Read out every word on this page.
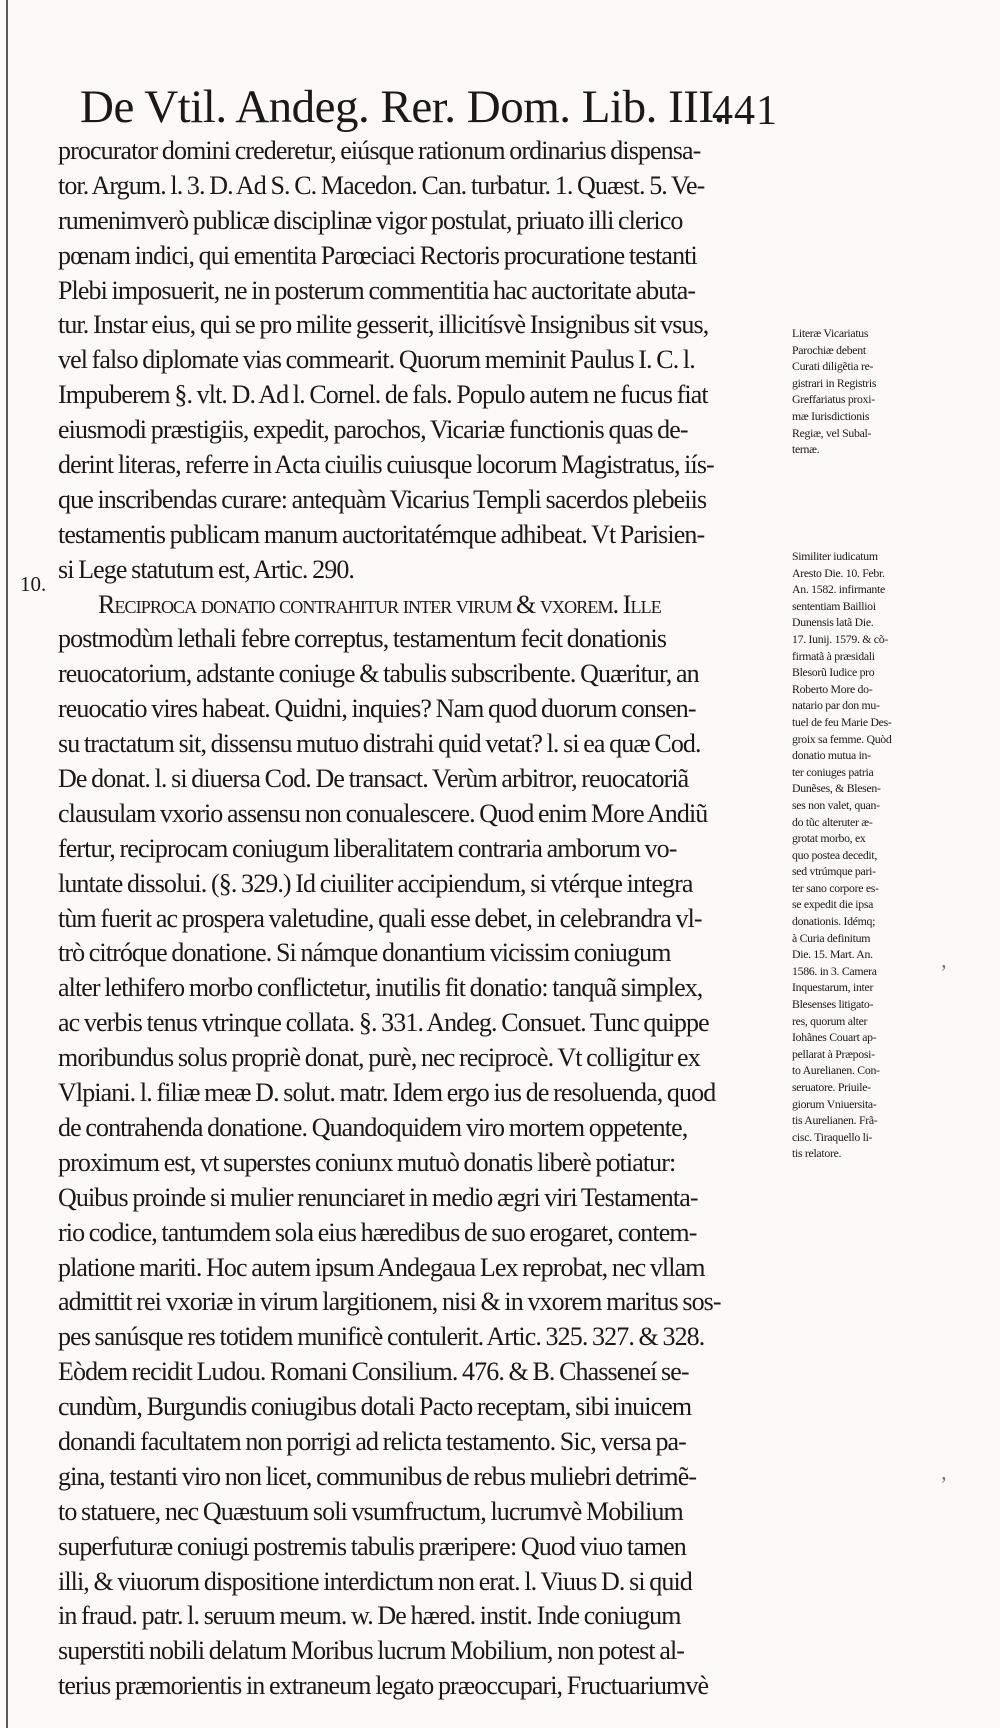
De Vtil. Andeg. Rer. Dom. Lib. III.
441
10.
procurator domini crederetur, eiúsque rationum ordinarius dispensa-
tor. Argum. l. 3. D. Ad S. C. Macedon. Can. turbatur. 1. Quæst. 5. Ve-
rumenimverò publicæ disciplinæ vigor postulat, priuato illi clerico
pœnam indici, qui ementita Parœciaci Rectoris procuratione testanti
Plebi imposuerit, ne in posterum commentitia hac auctoritate abuta-
tur. Instar eius, qui se pro milite gesserit, illicitísvè Insignibus sit vsus,
vel falso diplomate vias commearit. Quorum meminit Paulus I. C. l.
Impuberem §. vlt. D. Ad l. Cornel. de fals. Populo autem ne fucus fiat
eiusmodi præstigiis, expedit, parochos, Vicariæ functionis quas de-
derint literas, referre in Acta ciuilis cuiusque locorum Magistratus, iís-
que inscribendas curare: antequàm Vicarius Templi sacerdos plebeiis
testamentis publicam manum auctoritatémque adhibeat. Vt Parisien-
si Lege statutum est, Artic. 290.
Reciproca donatio contrahitur inter virum & vxorem. Ille
postmodùm lethali febre correptus, testamentum fecit donationis
reuocatorium, adstante coniuge & tabulis subscribente. Quæritur, an
reuocatio vires habeat. Quidni, inquies? Nam quod duorum consen-
su tractatum sit, dissensu mutuo distrahi quid vetat? l. si ea quæ Cod.
De donat. l. si diuersa Cod. De transact. Verùm arbitror, reuocatoriã
clausulam vxorio assensu non conualescere. Quod enim More Andiũ
fertur, reciprocam coniugum liberalitatem contraria amborum vo-
luntate dissolui. (§. 329.) Id ciuiliter accipiendum, si vtérque integra
tùm fuerit ac prospera valetudine, quali esse debet, in celebrandra vl-
trò citróque donatione. Si námque donantium vicissim coniugum
alter lethifero morbo conflictetur, inutilis fit donatio: tanquã simplex,
ac verbis tenus vtrinque collata. §. 331. Andeg. Consuet. Tunc quippe
moribundus solus propriè donat, purè, nec reciprocè. Vt colligitur ex
Vlpiani. l. filiæ meæ D. solut. matr. Idem ergo ius de resoluenda, quod
de contrahenda donatione. Quandoquidem viro mortem oppetente,
proximum est, vt superstes coniunx mutuò donatis liberè potiatur:
Quibus proinde si mulier renunciaret in medio ægri viri Testamenta-
rio codice, tantumdem sola eius hæredibus de suo erogaret, contem-
platione mariti. Hoc autem ipsum Andegaua Lex reprobat, nec vllam
admittit rei vxoriæ in virum largitionem, nisi & in vxorem maritus sos-
pes sanúsque res totidem munificè contulerit. Artic. 325. 327. & 328.
Eòdem recidit Ludou. Romani Consilium. 476. & B. Chasseneí se-
cundùm, Burgundis coniugibus dotali Pacto receptam, sibi inuicem
donandi facultatem non porrigi ad relicta testamento. Sic, versa pa-
gina, testanti viro non licet, communibus de rebus muliebri detrimẽ-
to statuere, nec Quæstuum soli vsumfructum, lucrumvè Mobilium
superfuturæ coniugi postremis tabulis præripere: Quod viuo tamen
illi, & viuorum dispositione interdictum non erat. l. Viuus D. si quid
in fraud. patr. l. seruum meum. w. De hæred. instit. Inde coniugum
superstiti nobili delatum Moribus lucrum Mobilium, non potest al-
terius præmorientis in extraneum legato præoccupari, Fructuariumvè
Literæ Vicariatus
Parochiæ debent
Curati diligẽtia re-
gistrari in Registris
Greffariatus proxi-
mæ Iurisdictionis
Regiæ, vel Subal-
ternæ.
Similiter iudicatum
Aresto Die. 10. Febr.
An. 1582. infirmante
sententiam Baillioi
Dunensis latã Die.
17. Iunij. 1579. & cõ-
firmatã à præsidali
Blesorũ Iudice pro
Roberto More do-
natario par don mu-
tuel de feu Marie Des-
groix sa femme. Quòd
donatio mutua in-
ter coniuges patria
Dunẽses, & Blesen-
ses non valet, quan-
do tũc alteruter æ-
grotat morbo, ex
quo postea decedit,
sed vtrúmque pari-
ter sano corpore es-
se expedit die ipsa
donationis. Idémq;
à Curia definitum
Die. 15. Mart. An.
1586. in 3. Camera
Inquestarum, inter
Blesenses litigato-
res, quorum alter
Iohãnes Couart ap-
pellarat à Præposi-
to Aurelianen. Con-
seruatore. Priuile-
giorum Vniuersita-
tis Aurelianen. Frã-
cisc. Tiraquello li-
tis relatore.
ʼ
ʼ
